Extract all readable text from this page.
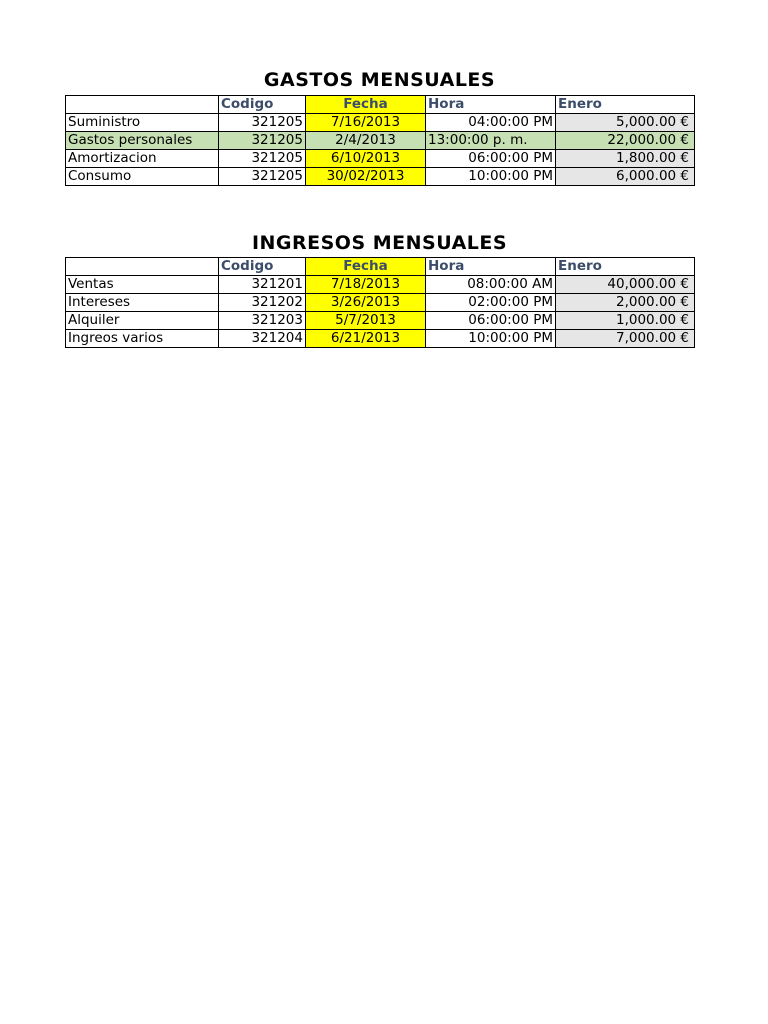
GASTOS MENSUALES
	Codigo	Fecha	Hora	Enero
Suministro	321205	7/16/2013	04:00:00 PM	5,000.00 €
Gastos personales	321205	2/4/2013	13:00:00 p. m.	22,000.00 €
Amortizacion	321205	6/10/2013	06:00:00 PM	1,800.00 €
Consumo	321205	30/02/2013	10:00:00 PM	6,000.00 €
INGRESOS MENSUALES
	Codigo	Fecha	Hora	Enero
Ventas	321201	7/18/2013	08:00:00 AM	40,000.00 €
Intereses	321202	3/26/2013	02:00:00 PM	2,000.00 €
Alquiler	321203	5/7/2013	06:00:00 PM	1,000.00 €
Ingreos varios	321204	6/21/2013	10:00:00 PM	7,000.00 €
